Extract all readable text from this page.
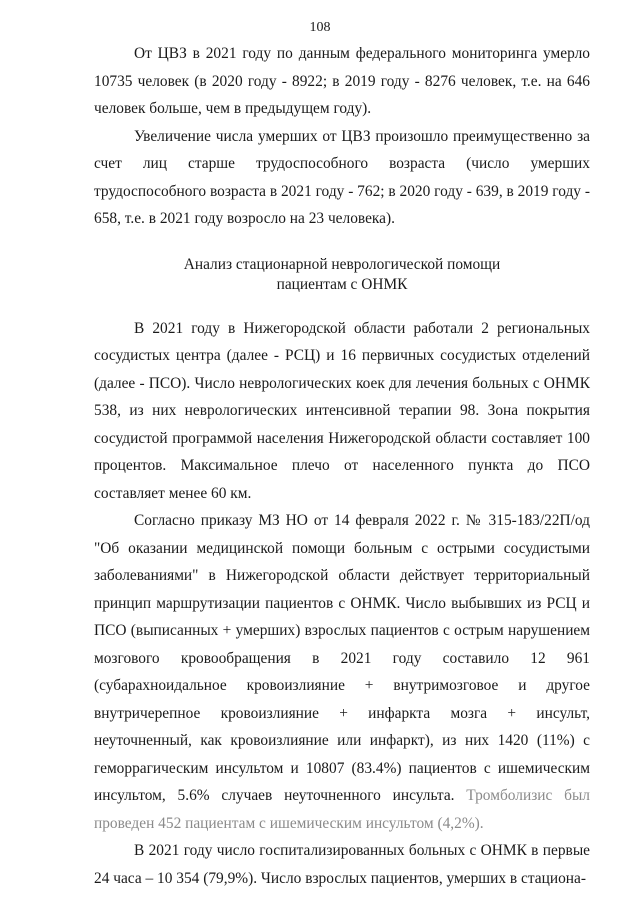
108

От ЦВЗ в 2021 году по данным федерального мониторинга умерло 10735 человек (в 2020 году - 8922; в 2019 году - 8276 человек, т.е. на 646 человек больше, чем в предыдущем году).

Увеличение числа умерших от ЦВЗ произошло преимущественно за счет лиц старше трудоспособного возраста (число умерших трудоспособного возраста в 2021 году - 762; в 2020 году - 639, в 2019 году - 658, т.е. в 2021 году возросло на 23 человека).

Анализ стационарной неврологической помощи
пациентам с ОНМК

В 2021 году в Нижегородской области работали 2 региональных сосудистых центра (далее - РСЦ) и 16 первичных сосудистых отделений (далее - ПСО). Число неврологических коек для лечения больных с ОНМК 538, из них неврологических интенсивной терапии 98. Зона покрытия сосудистой программой населения Нижегородской области составляет 100 процентов. Максимальное плечо от населенного пункта до ПСО составляет менее 60 км.

Согласно приказу МЗ НО от 14 февраля 2022 г. № 315-183/22П/од "Об оказании медицинской помощи больным с острыми сосудистыми заболеваниями" в Нижегородской области действует территориальный принцип маршрутизации пациентов с ОНМК. Число выбывших из РСЦ и ПСО (выписанных + умерших) взрослых пациентов с острым нарушением мозгового кровообращения в 2021 году составило 12 961 (субарахноидальное кровоизлияние + внутримозговое и другое внутричерепное кровоизлияние + инфаркта мозга + инсульт, неуточненный, как кровоизлияние или инфаркт), из них 1420 (11%) с геморрагическим инсультом и 10807 (83.4%) пациентов с ишемическим инсультом, 5.6% случаев неуточненного инсульта. Тромболизис был проведен 452 пациентам с ишемическим инсультом (4,2%).

В 2021 году число госпитализированных больных с ОНМК в первые 24 часа – 10 354 (79,9%). Число взрослых пациентов, умерших в стациона-
